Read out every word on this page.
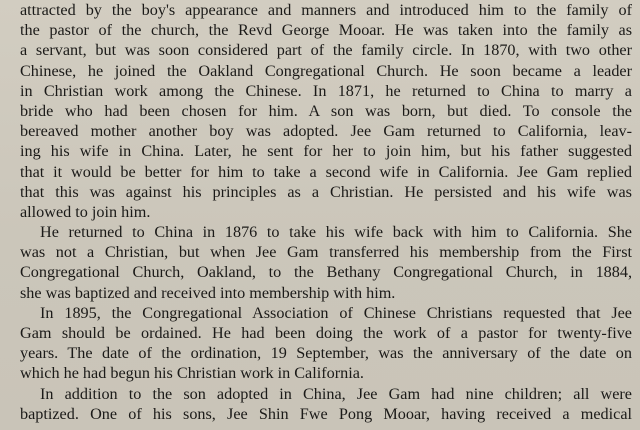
attracted by the boy's appearance and manners and introduced him to the family of
the pastor of the church, the Revd George Mooar. He was taken into the family as
a servant, but was soon considered part of the family circle. In 1870, with two other
Chinese, he joined the Oakland Congregational Church. He soon became a leader
in Christian work among the Chinese. In 1871, he returned to China to marry a
bride who had been chosen for him. A son was born, but died. To console the
bereaved mother another boy was adopted. Jee Gam returned to California, leav-
ing his wife in China. Later, he sent for her to join him, but his father suggested
that it would be better for him to take a second wife in California. Jee Gam replied
that this was against his principles as a Christian. He persisted and his wife was
allowed to join him.
He returned to China in 1876 to take his wife back with him to California. She
was not a Christian, but when Jee Gam transferred his membership from the First
Congregational Church, Oakland, to the Bethany Congregational Church, in 1884,
she was baptized and received into membership with him.
In 1895, the Congregational Association of Chinese Christians requested that Jee
Gam should be ordained. He had been doing the work of a pastor for twenty-five
years. The date of the ordination, 19 September, was the anniversary of the date on
which he had begun his Christian work in California.
In addition to the son adopted in China, Jee Gam had nine children; all were
baptized. One of his sons, Jee Shin Fwe Pong Mooar, having received a medical
